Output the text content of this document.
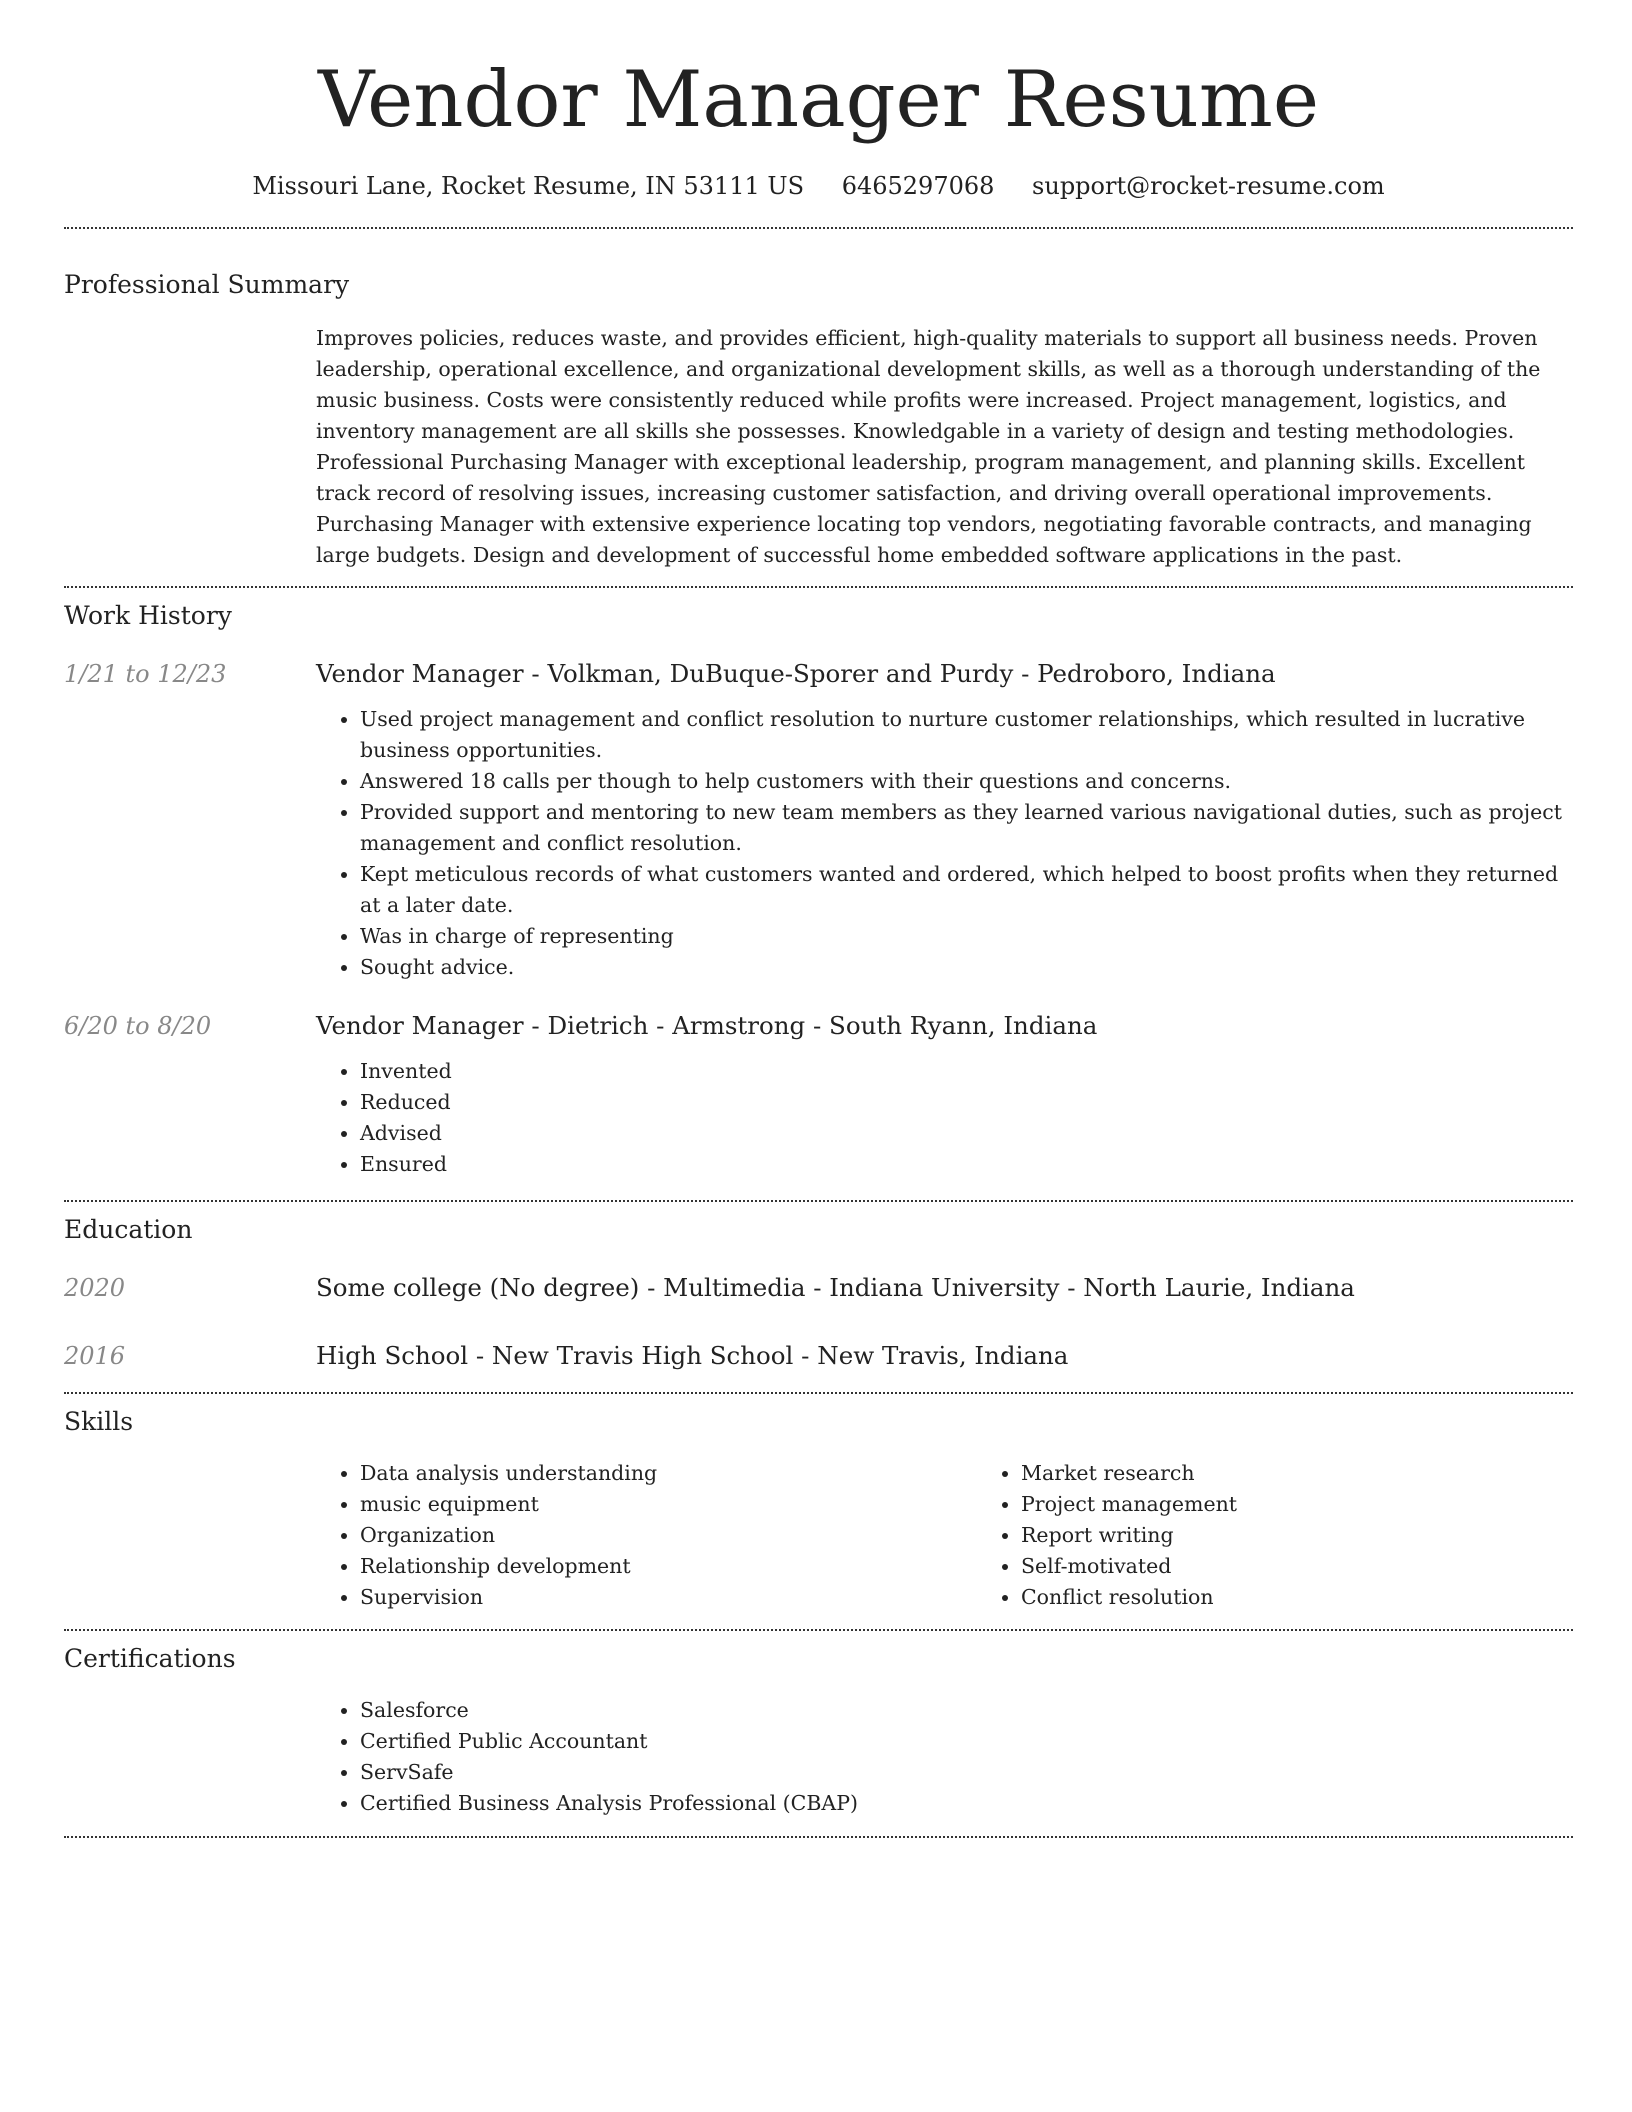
Vendor Manager Resume
Missouri Lane, Rocket Resume, IN 53111 US 6465297068 support@rocket-resume.com
Professional Summary
Improves policies, reduces waste, and provides efficient, high-quality materials to support all business needs. Proven leadership, operational excellence, and organizational development skills, as well as a thorough understanding of the music business. Costs were consistently reduced while profits were increased. Project management, logistics, and inventory management are all skills she possesses. Knowledgable in a variety of design and testing methodologies. Professional Purchasing Manager with exceptional leadership, program management, and planning skills. Excellent track record of resolving issues, increasing customer satisfaction, and driving overall operational improvements. Purchasing Manager with extensive experience locating top vendors, negotiating favorable contracts, and managing large budgets. Design and development of successful home embedded software applications in the past.
Work History
1/21 to 12/23	Vendor Manager - Volkman, DuBuque-Sporer and Purdy - Pedroboro, Indiana
• Used project management and conflict resolution to nurture customer relationships, which resulted in lucrative business opportunities.
• Answered 18 calls per though to help customers with their questions and concerns.
• Provided support and mentoring to new team members as they learned various navigational duties, such as project management and conflict resolution.
• Kept meticulous records of what customers wanted and ordered, which helped to boost profits when they returned at a later date.
• Was in charge of representing
• Sought advice.
6/20 to 8/20	Vendor Manager - Dietrich - Armstrong - South Ryann, Indiana
• Invented
• Reduced
• Advised
• Ensured
Education
2020	Some college (No degree) - Multimedia - Indiana University - North Laurie, Indiana
2016	High School - New Travis High School - New Travis, Indiana
Skills
• Data analysis understanding
• music equipment
• Organization
• Relationship development
• Supervision
• Market research
• Project management
• Report writing
• Self-motivated
• Conflict resolution
Certifications
• Salesforce
• Certified Public Accountant
• ServSafe
• Certified Business Analysis Professional (CBAP)
